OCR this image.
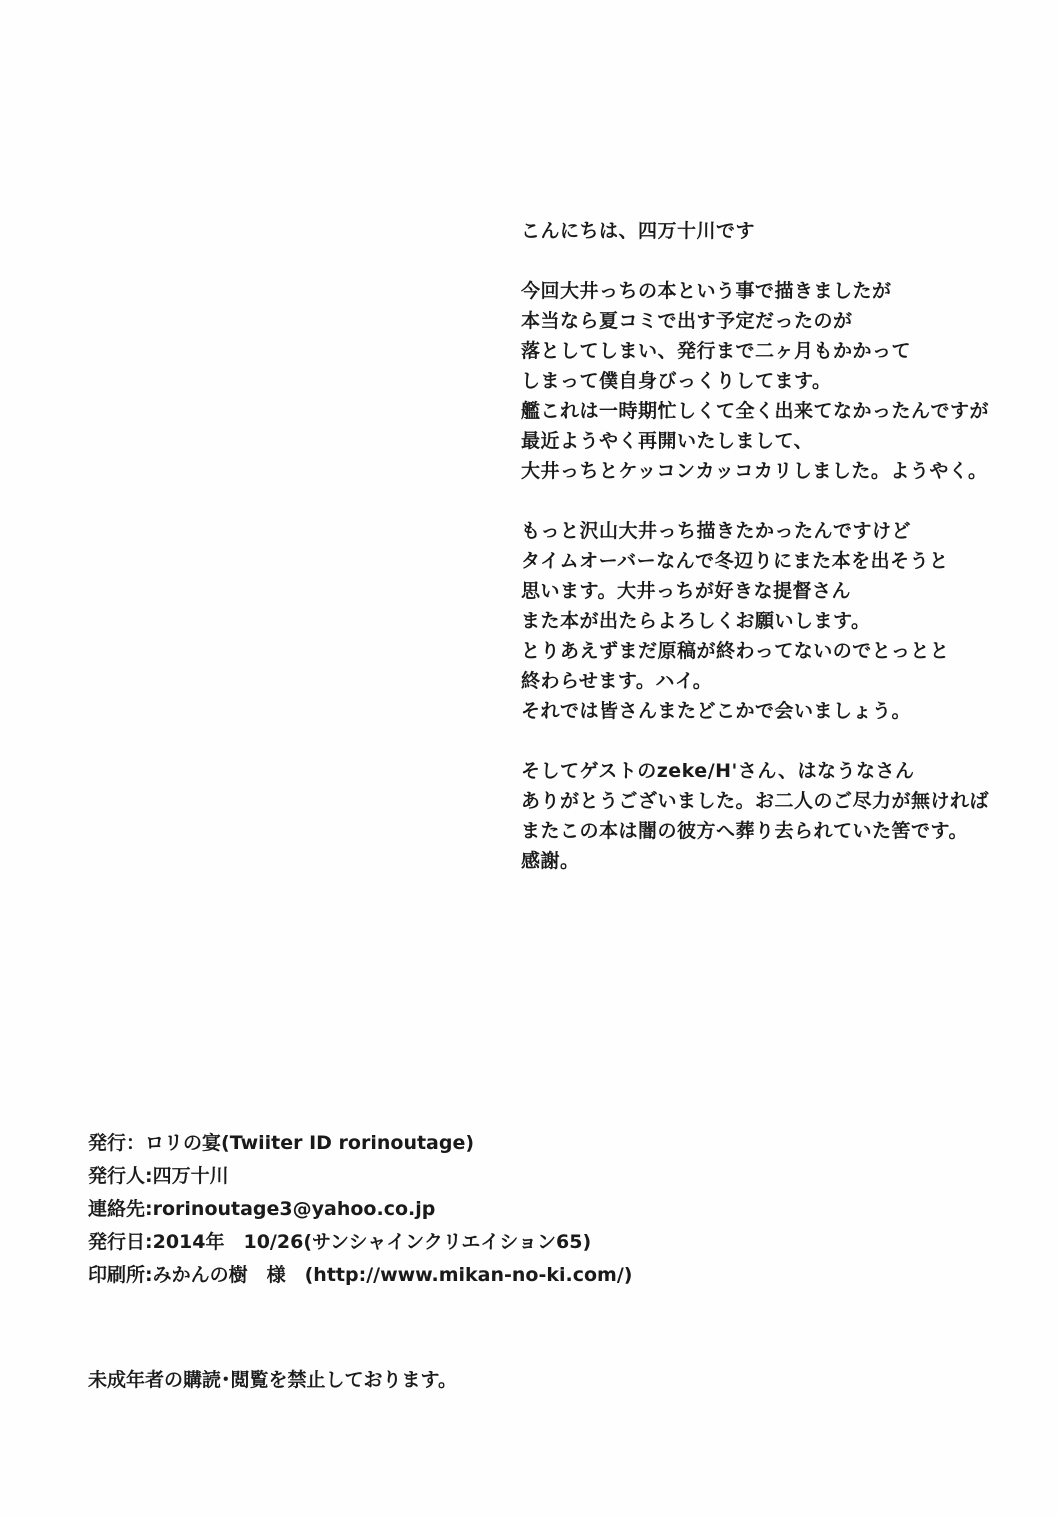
こんにちは、四万十川です
今回大井っちの本という事で描きましたが
本当なら夏コミで出す予定だったのが
落としてしまい、発行まで二ヶ月もかかって
しまって僕自身びっくりしてます。
艦これは一時期忙しくて全く出来てなかったんですが
最近ようやく再開いたしまして、
大井っちとケッコンカッコカリしました。ようやく。
もっと沢山大井っち描きたかったんですけど
タイムオーバーなんで冬辺りにまた本を出そうと
思います。大井っちが好きな提督さん
また本が出たらよろしくお願いします。
とりあえずまだ原稿が終わってないのでとっとと
終わらせます。ハイ。
それでは皆さんまたどこかで会いましょう。
そしてゲストのzeke/H'さん、はなうなさん
ありがとうございました。お二人のご尽力が無ければ
またこの本は闇の彼方へ葬り去られていた筈です。
感謝。
発行：ロリの宴(Twiiter ID rorinoutage)
発行人:四万十川
連絡先:rorinoutage3@yahoo.co.jp
発行日:2014年　10/26(サンシャインクリエイション65)
印刷所:みかんの樹　様　(http://www.mikan-no-ki.com/)
未成年者の購読･閲覧を禁止しております。
